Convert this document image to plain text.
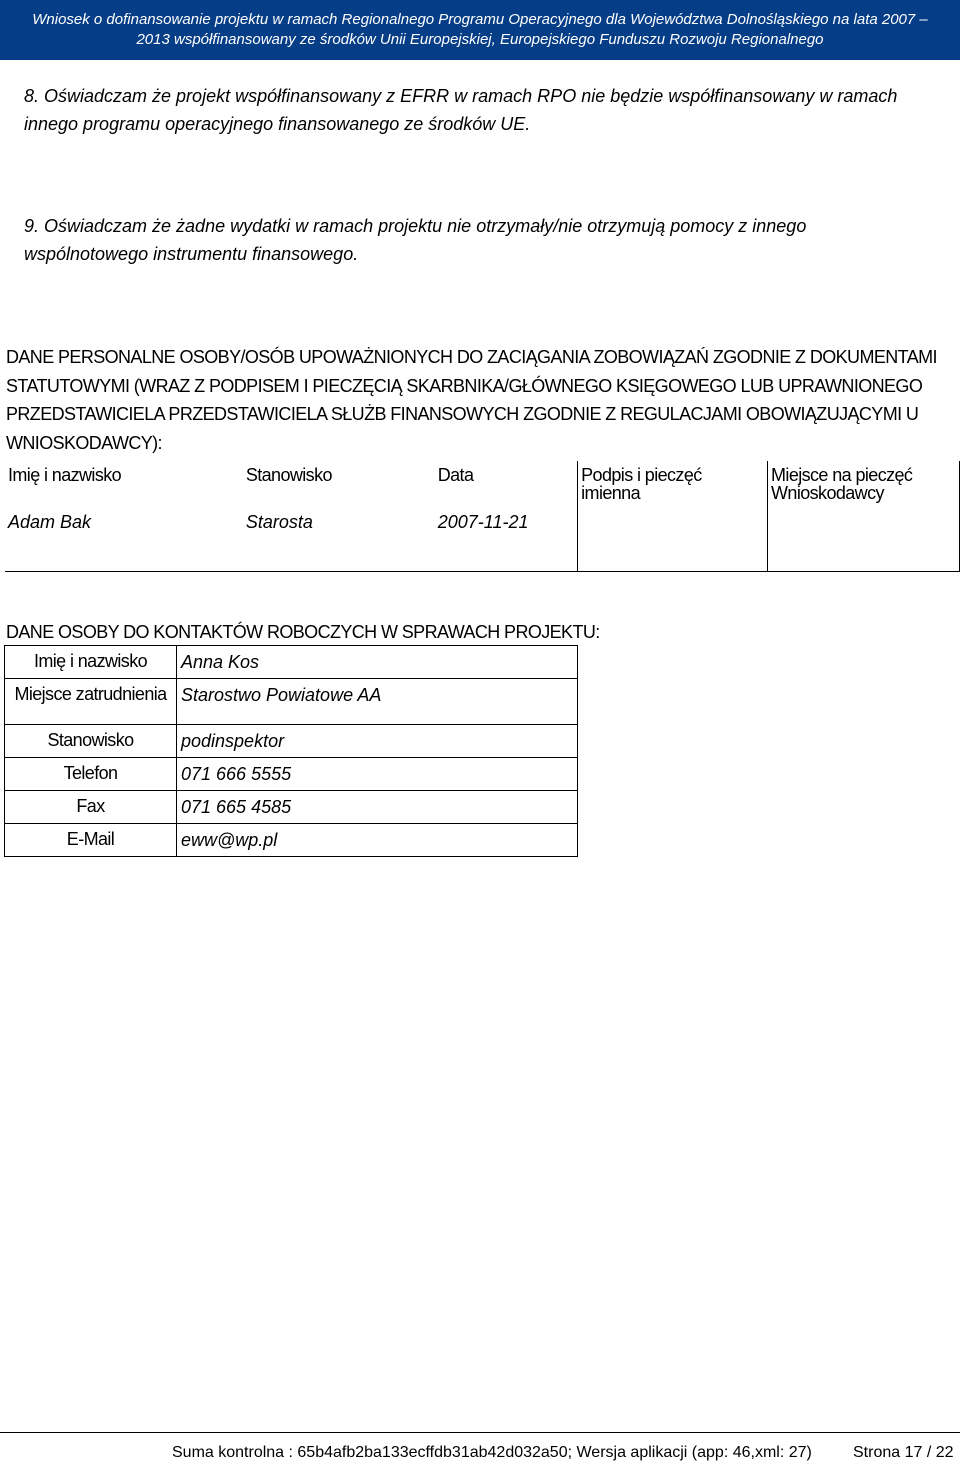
Wniosek o dofinansowanie projektu w ramach Regionalnego Programu Operacyjnego dla Województwa Dolnośląskiego na lata 2007 –
2013 współfinansowany ze środków Unii Europejskiej, Europejskiego Funduszu Rozwoju Regionalnego

8. Oświadczam że projekt współfinansowany z EFRR w ramach RPO nie będzie współfinansowany w ramach innego programu operacyjnego finansowanego ze środków UE.

9. Oświadczam że żadne wydatki w ramach projektu nie otrzymały/nie otrzymują pomocy z innego wspólnotowego instrumentu finansowego.

DANE PERSONALNE OSOBY/OSÓB UPOWAŻNIONYCH DO ZACIĄGANIA ZOBOWIĄZAŃ ZGODNIE Z DOKUMENTAMI STATUTOWYMI (WRAZ Z PODPISEM I PIECZĘCIĄ SKARBNIKA/GŁÓWNEGO KSIĘGOWEGO LUB UPRAWNIONEGO PRZEDSTAWICIELA PRZEDSTAWICIELA SŁUŻB FINANSOWYCH ZGODNIE Z REGULACJAMI OBOWIĄZUJĄCYMI U WNIOSKODAWCY):

Imię i nazwisko	Stanowisko	Data	Podpis i pieczęć imienna	Miejsce na pieczęć Wnioskodawcy
Adam Bak	Starosta	2007-11-21		

DANE OSOBY DO KONTAKTÓW ROBOCZYCH W SPRAWACH PROJEKTU:

Imię i nazwisko	Anna Kos
Miejsce zatrudnienia	Starostwo Powiatowe AA
Stanowisko	podinspektor
Telefon	071 666 5555
Fax	071 665 4585
E-Mail	eww@wp.pl
Suma kontrolna : 65b4afb2ba133ecffdb31ab42d032a50; Wersja aplikacji (app: 46,xml: 27)	Strona 17 / 22
